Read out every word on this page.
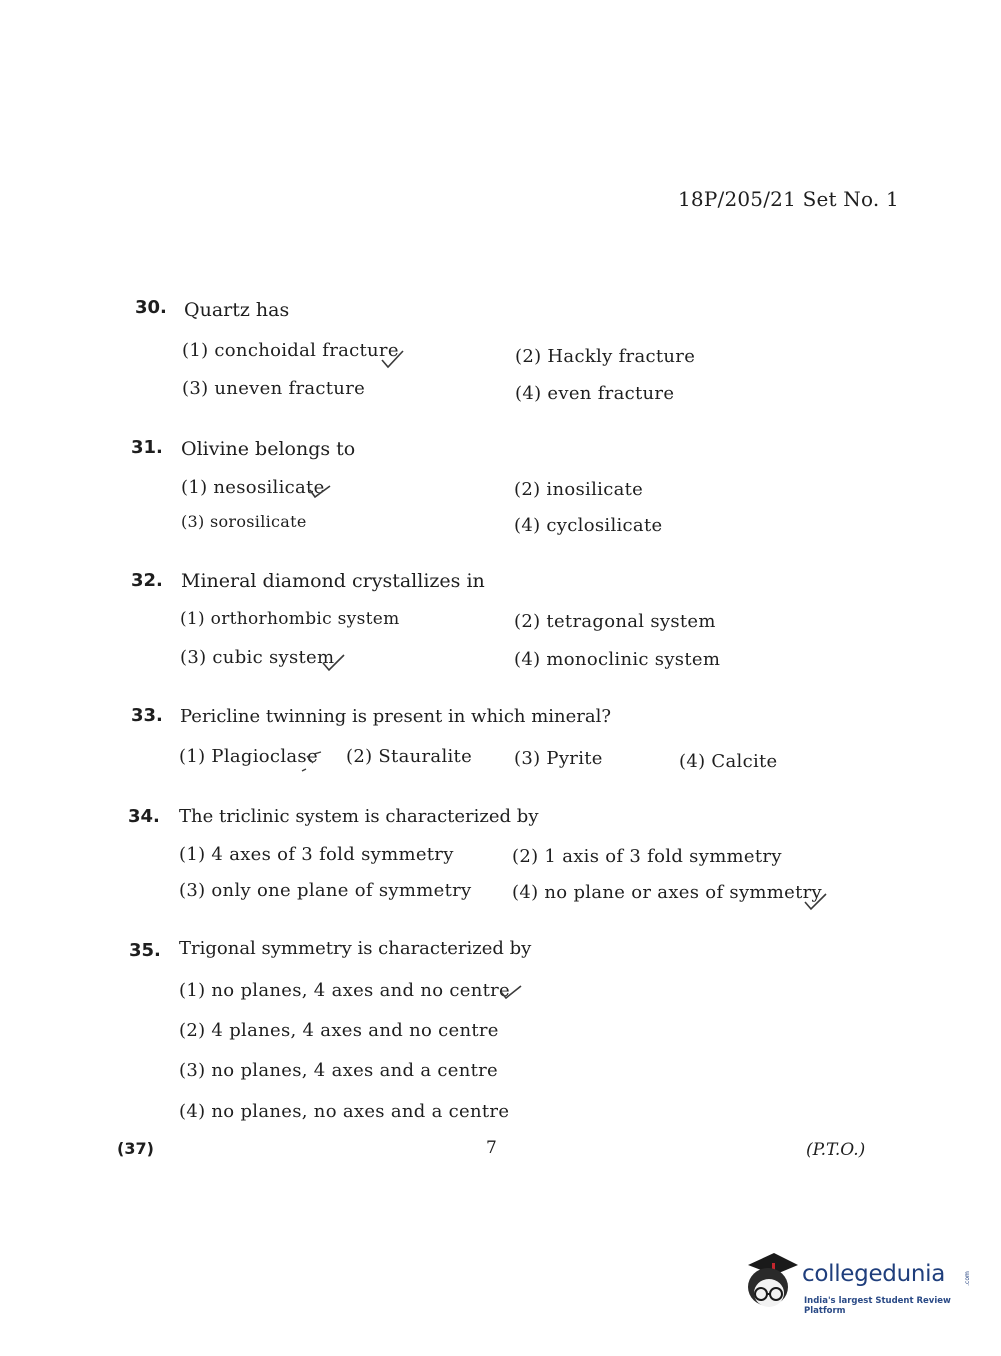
18P/205/21 Set No. 1
30. Quartz has
(1) conchoidal fracture	(2) Hackly fracture
(3) uneven fracture	(4) even fracture
31. Olivine belongs to
(1) nesosilicate	(2) inosilicate
(3) sorosilicate	(4) cyclosilicate
32. Mineral diamond crystallizes in
(1) orthorhombic system	(2) tetragonal system
(3) cubic system	(4) monoclinic system
33. Pericline twinning is present in which mineral?
(1) Plagioclase (2) Stauralite (3) Pyrite	(4) Calcite
34. The triclinic system is characterized by
(1) 4 axes of 3 fold symmetry	(2) 1 axis of 3 fold symmetry
(3) only one plane of symmetry (4) no plane or axes of symmetry
35. Trigonal symmetry is characterized by
(1) no planes, 4 axes and no centre
(2) 4 planes, 4 axes and no centre
(3) no planes, 4 axes and a centre
(4) no planes, no axes and a centre
(37)	7	(P.T.O.)
collegedunia	.com
India's largest Student Review Platform
